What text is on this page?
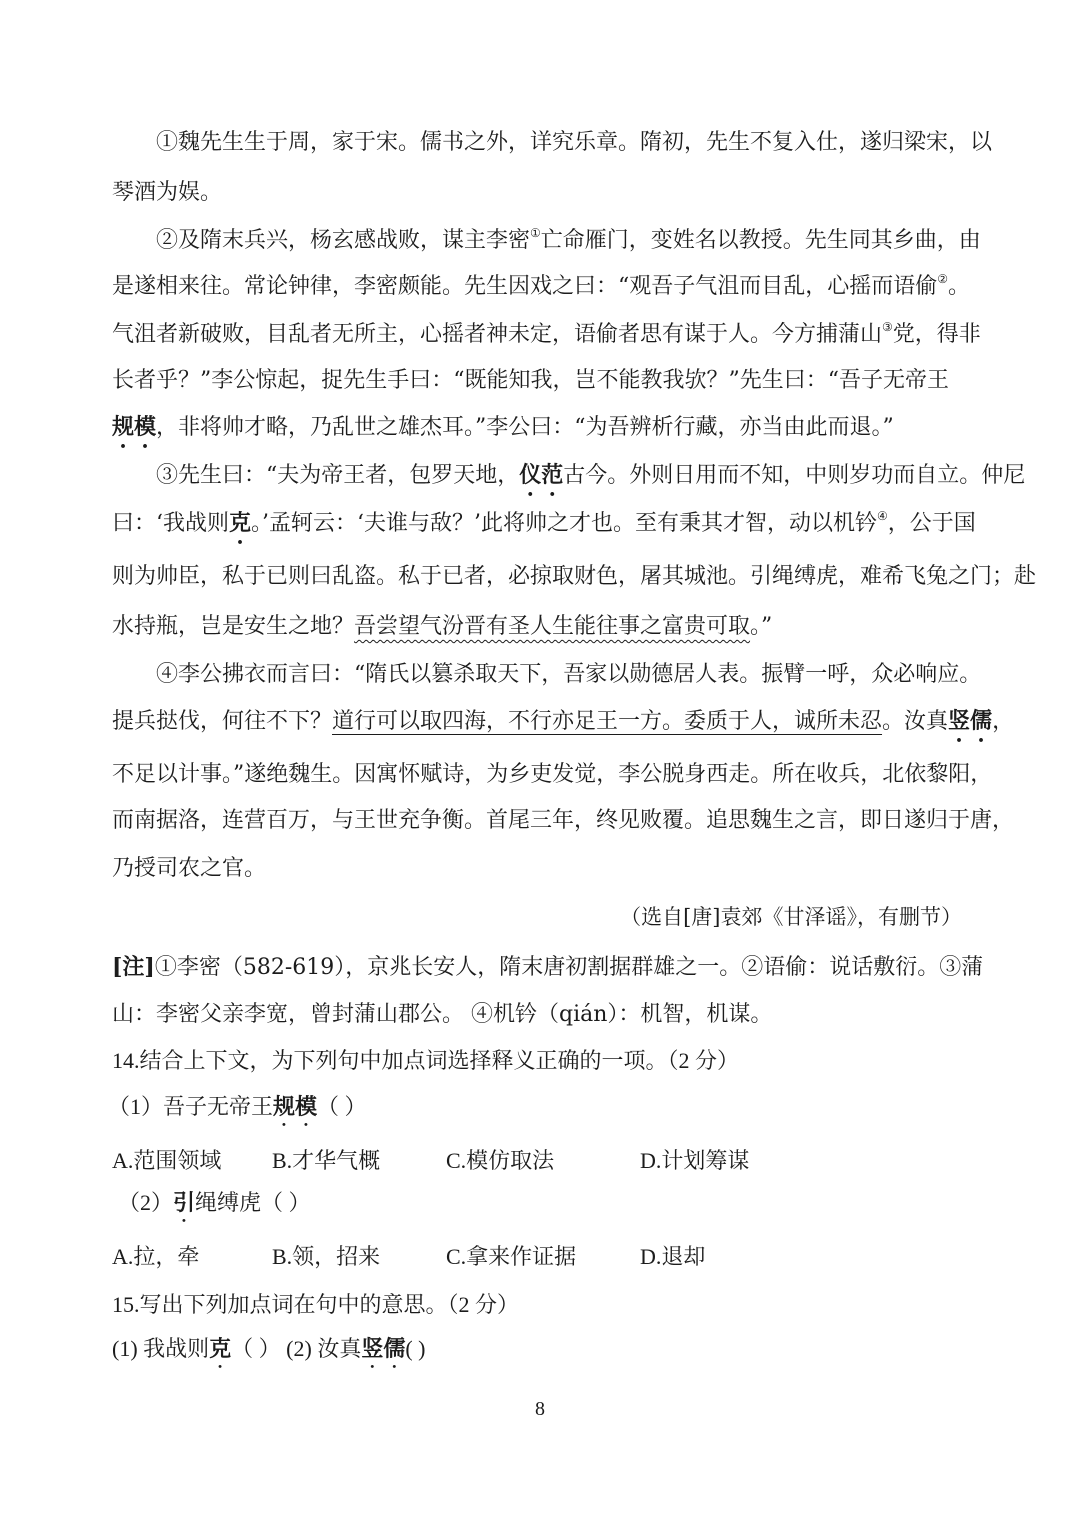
①魏先生生于周，家于宋。儒书之外，详究乐章。隋初，先生不复入仕，遂归梁宋，以
琴酒为娱。
②及隋末兵兴，杨玄感战败，谋主李密①亡命雁门，变姓名以教授。先生同其乡曲，由
是遂相来往。常论钟律，李密颇能。先生因戏之曰：“观吾子气沮而目乱，心摇而语偷②。
气沮者新破败，目乱者无所主，心摇者神未定，语偷者思有谋于人。今方捕蒲山③党，得非
长者乎？”李公惊起，捉先生手曰：“既能知我，岂不能教我欤？”先生曰：“吾子无帝王
规模，非将帅才略，乃乱世之雄杰耳。”李公曰：“为吾辨析行藏，亦当由此而退。”
③先生曰：“夫为帝王者，包罗天地，仪范古今。外则日用而不知，中则岁功而自立。仲尼
曰：‘我战则克。’孟轲云：‘夫谁与敌？’此将帅之才也。至有秉其才智，动以机钤④，公于国
则为帅臣，私于已则曰乱盗。私于已者，必掠取财色，屠其城池。引绳缚虎，难希飞兔之门；赴
水持瓶，岂是安生之地？吾尝望气汾晋有圣人生能往事之富贵可取。”
④李公拂衣而言曰：“隋氏以篡杀取天下，吾家以勋德居人表。振臂一呼，众必响应。
提兵挞伐，何往不下？道行可以取四海，不行亦足王一方。委质于人，诚所未忍。汝真竖儒，
不足以计事。”遂绝魏生。因寓怀赋诗，为乡吏发觉，李公脱身西走。所在收兵，北依黎阳，
而南据洛，连营百万，与王世充争衡。首尾三年，终见败覆。追思魏生之言，即日遂归于唐，
乃授司农之官。
（选自[唐]袁郊《甘泽谣》，有删节）
[注]①李密（582-619），京兆长安人，隋末唐初割据群雄之一。②语偷：说话敷衍。③蒲
山：李密父亲李宽，曾封蒲山郡公。 ④机钤（qián）：机智，机谋。
14.结合上下文，为下列句中加点词选择释义正确的一项。（2 分）
（1）吾子无帝王规模（ ）
A.范围领域 B.才华气概	C.模仿取法	D.计划筹谋
（2）引绳缚虎（ ）
A.拉，牵	B.领，招来	C.拿来作证据	D.退却
15.写出下列加点词在句中的意思。（2 分）
(1) 我战则克（ ） (2) 汝真竖儒( )
8
